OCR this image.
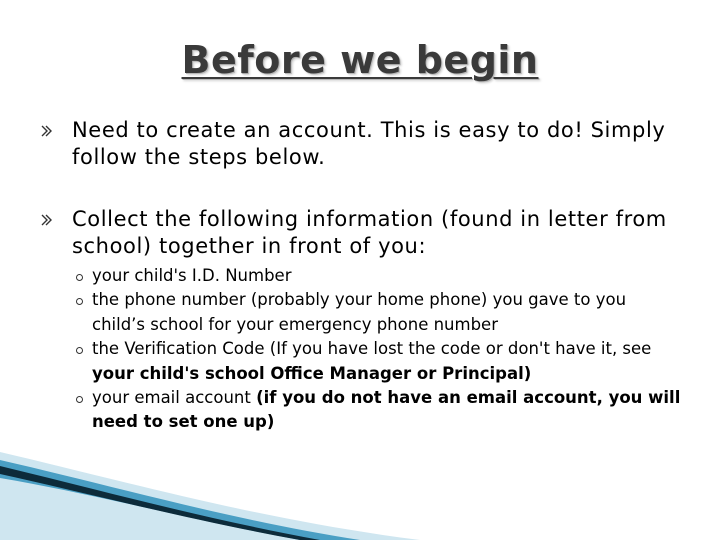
Before we begin
Need to create an account. This is easy to do! Simply follow the steps below.
Collect the following information (found in letter from school) together in front of you:
your child's I.D. Number
the phone number (probably your home phone) you gave to you child’s school for your emergency phone number
the Verification Code (If you have lost the code or don't have it, see your child's school Office Manager or Principal)
your email account (if you do not have an email account, you will need to set one up)
